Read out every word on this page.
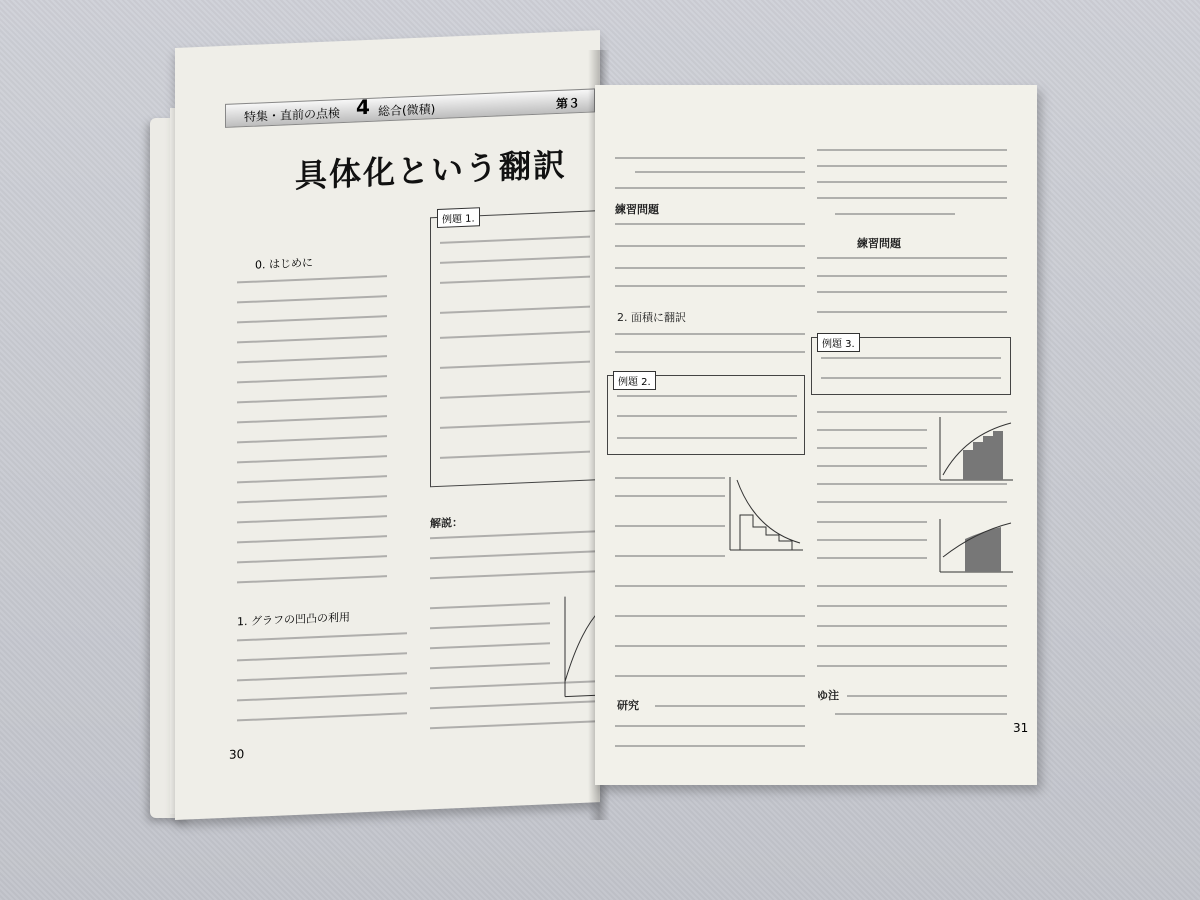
特集・直前の点検 4 総合(微積)	第３
具体化という翻訳
0. はじめに
1. グラフの凹凸の利用
例題 1.
解説：
30
練習問題
2. 面積に翻訳
例題 2.
研究
練習問題
例題 3.
ゆ注
31
